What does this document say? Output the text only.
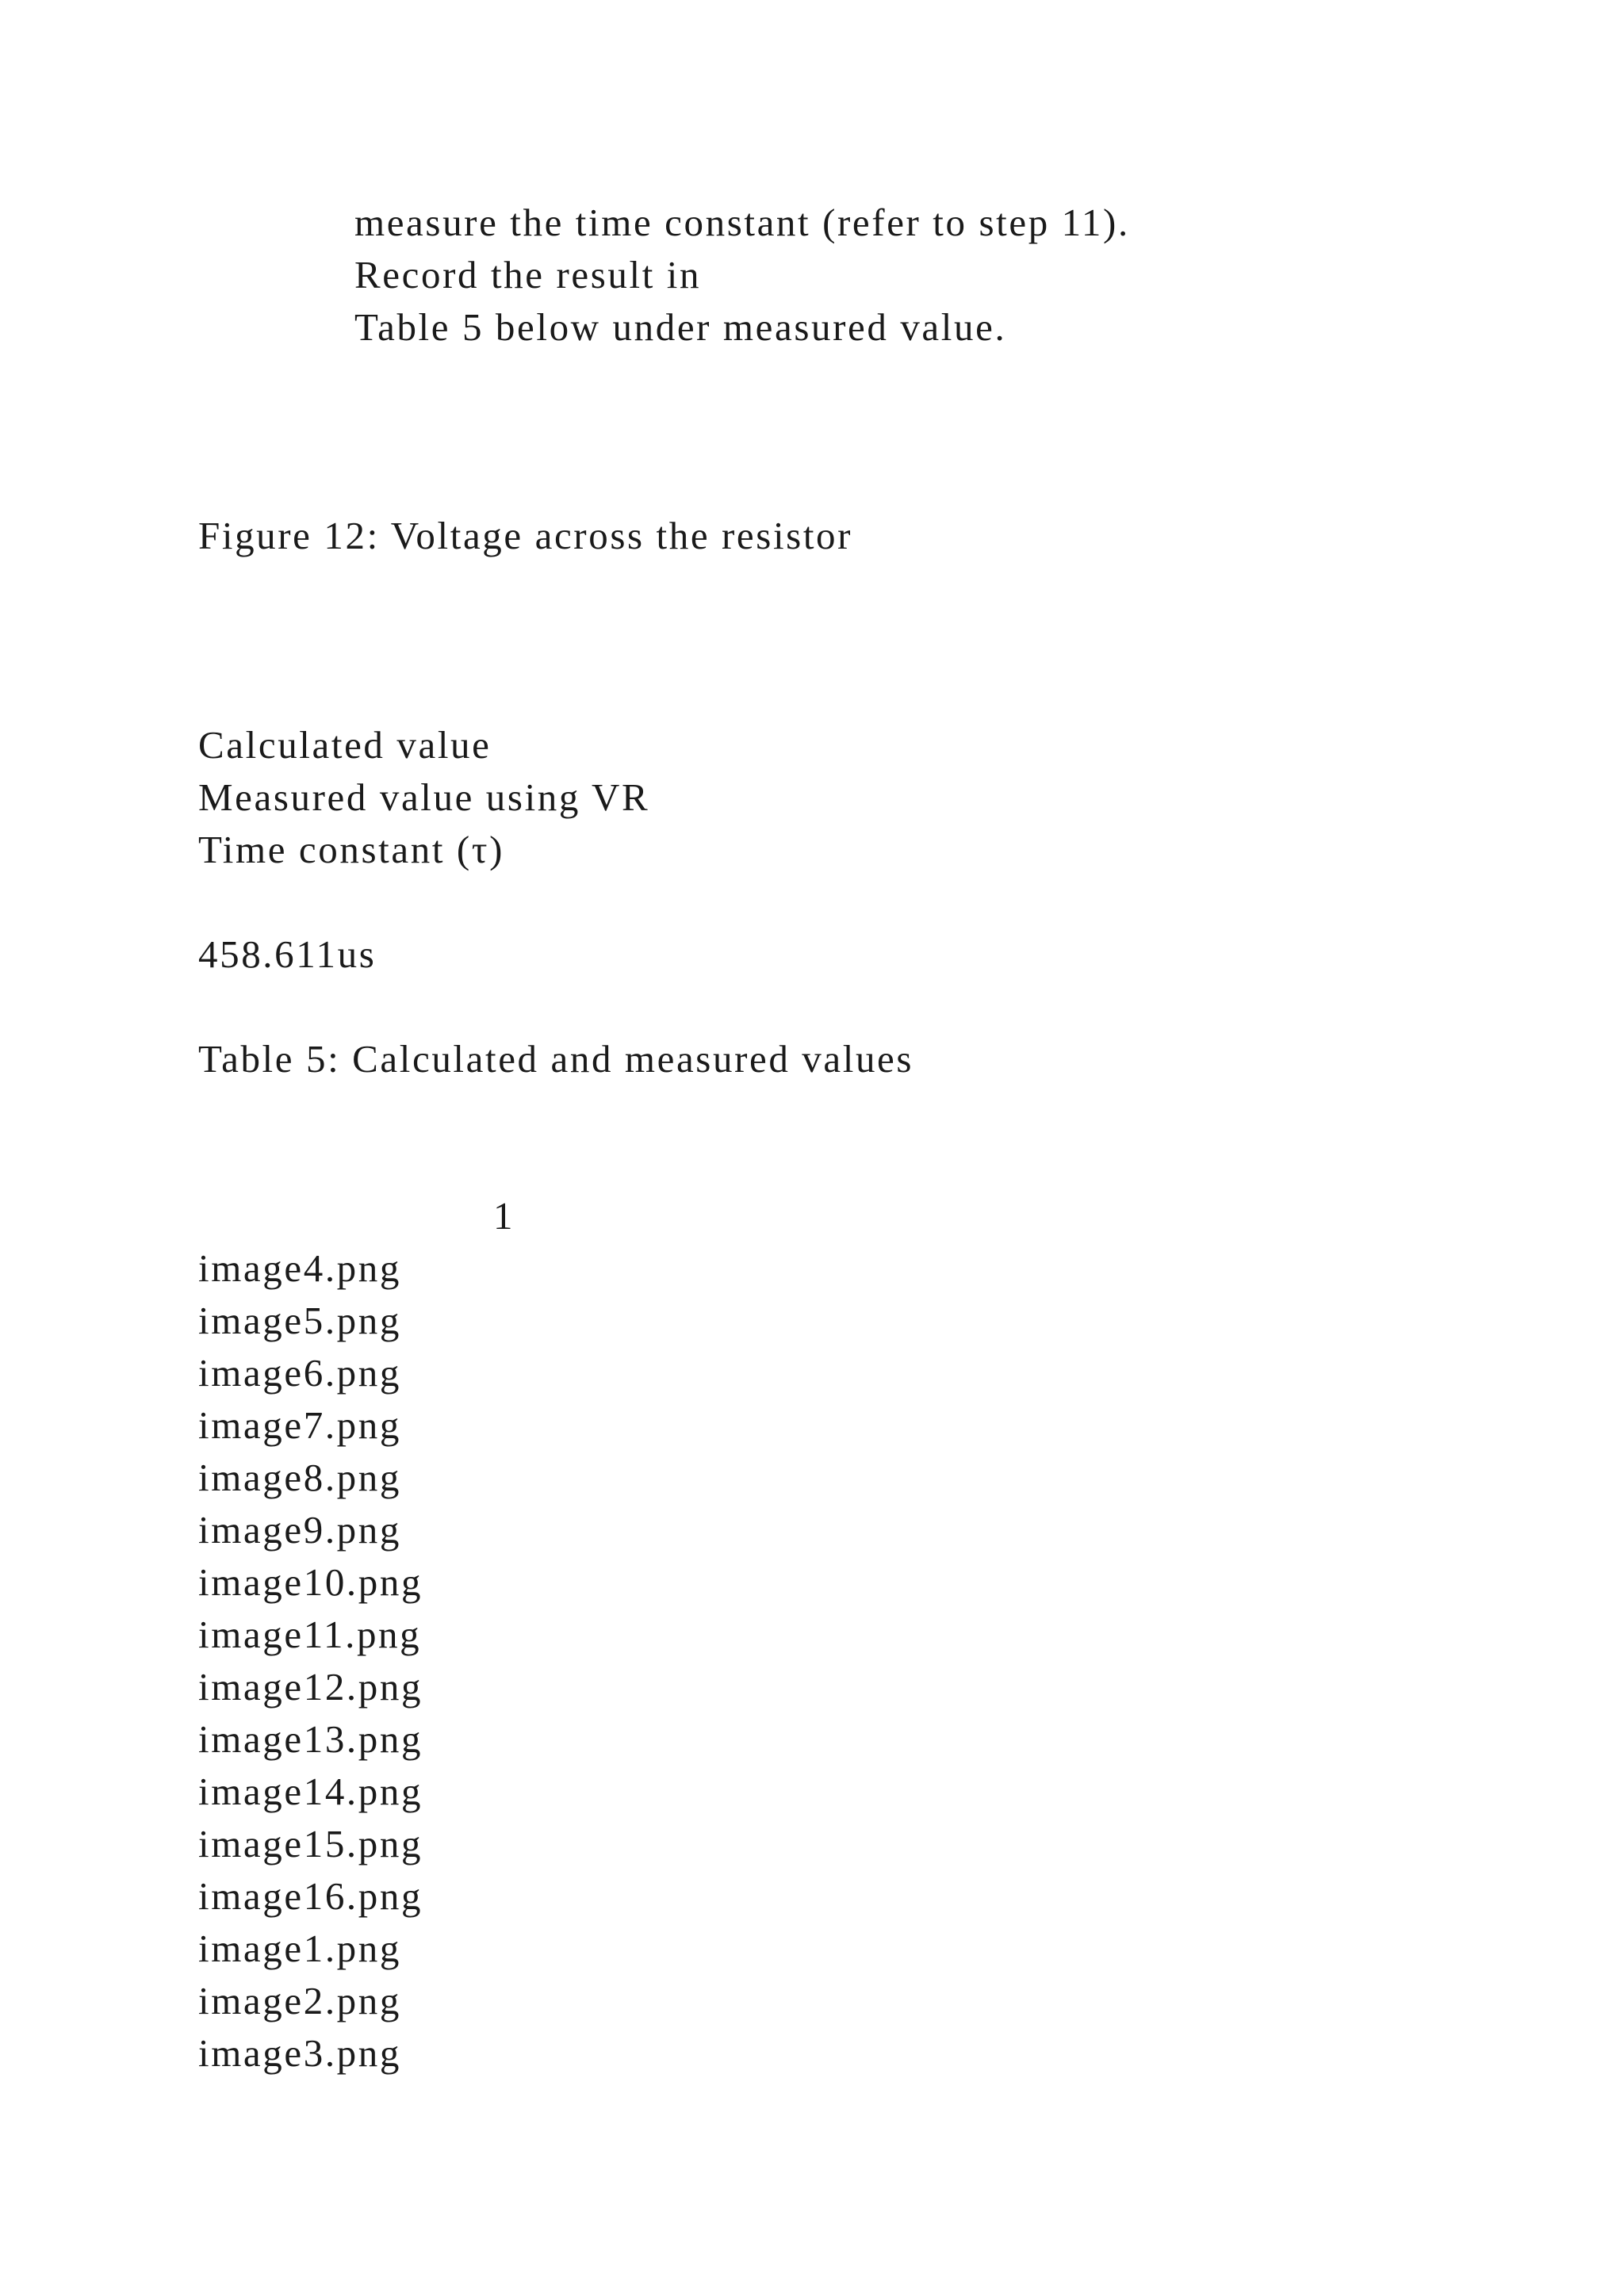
measure the time constant (refer to step 11).
Record the result in
Table 5 below under measured value.
Figure 12: Voltage across the resistor
Calculated value
Measured value using VR
Time constant (τ)
458.611us
Table 5: Calculated and measured values
1
image4.png
image5.png
image6.png
image7.png
image8.png
image9.png
image10.png
image11.png
image12.png
image13.png
image14.png
image15.png
image16.png
image1.png
image2.png
image3.png
